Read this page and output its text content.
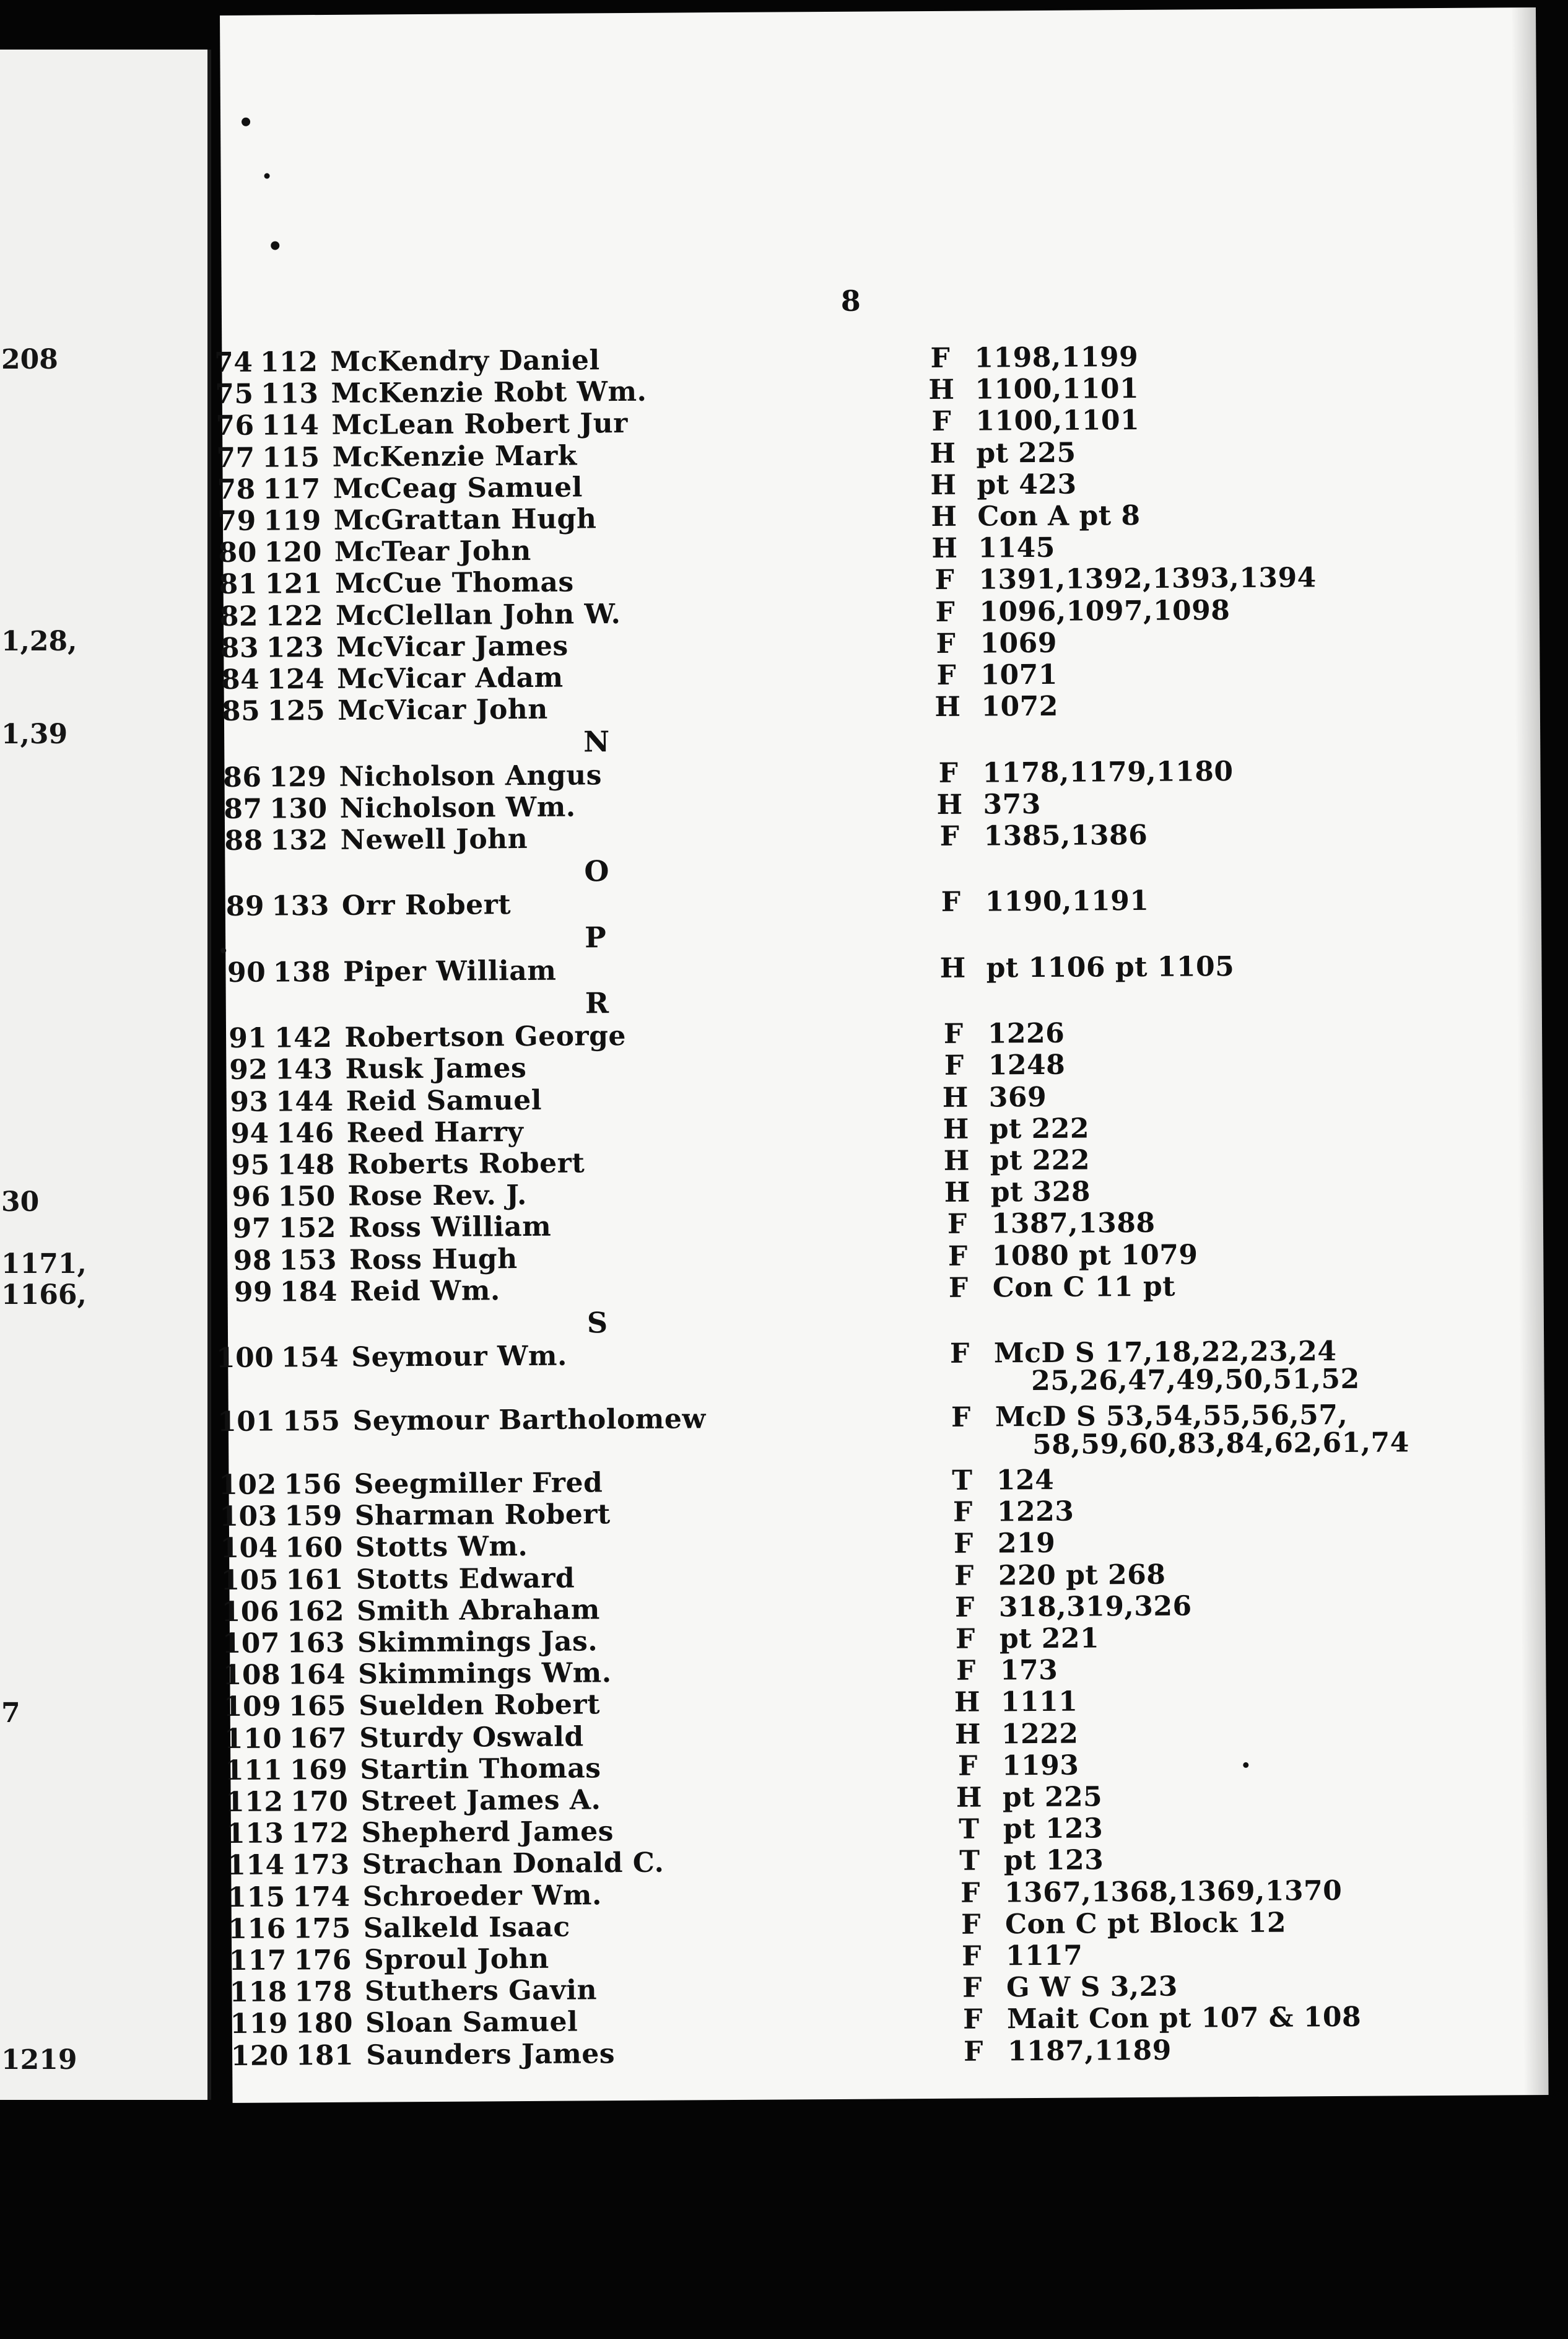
208
1,28,
1,39
30
1171,
1166,
7
1219
8
74 112 McKendry Daniel	F 1198,1199
75 113 McKenzie Robt Wm.	H 1100,1101
76 114 McLean Robert Jur	F 1100,1101
77 115 McKenzie Mark	H pt 225
78 117 McCeag Samuel	H pt 423
79 119 McGrattan Hugh	H Con A pt 8
80 120 McTear John	H 1145
81 121 McCue Thomas	F 1391,1392,1393,1394
82 122 McClellan John W.	F 1096,1097,1098
83 123 McVicar James	F 1069
84 124 McVicar Adam	F 1071
85 125 McVicar John	H 1072
N
86 129 Nicholson Angus	F 1178,1179,1180
87 130 Nicholson Wm.	H 373
88 132 Newell John	F 1385,1386
O
89 133 Orr Robert	F 1190,1191
P
90 138 Piper William	H pt 1106 pt 1105
R
91 142 Robertson George	F 1226
92 143 Rusk James	F 1248
93 144 Reid Samuel	H 369
94 146 Reed Harry	H pt 222
95 148 Roberts Robert	H pt 222
96 150 Rose Rev. J.	H pt 328
97 152 Ross William	F 1387,1388
98 153 Ross Hugh	F 1080 pt 1079
99 184 Reid Wm.	F Con C 11 pt
S
100 154 Seymour Wm.	F McD S 17,18,22,23,24
25,26,47,49,50,51,52
101 155 Seymour Bartholomew	F McD S 53,54,55,56,57,
58,59,60,83,84,62,61,74
102 156 Seegmiller Fred	T 124
103 159 Sharman Robert	F 1223
104 160 Stotts Wm.	F 219
105 161 Stotts Edward	F 220 pt 268
106 162 Smith Abraham	F 318,319,326
107 163 Skimmings Jas.	F pt 221
108 164 Skimmings Wm.	F 173
109 165 Suelden Robert	H 1111
110 167 Sturdy Oswald	H 1222
111 169 Startin Thomas	F 1193
112 170 Street James A.	H pt 225
113 172 Shepherd James	T pt 123
114 173 Strachan Donald C.	T pt 123
115 174 Schroeder Wm.	F 1367,1368,1369,1370
116 175 Salkeld Isaac	F Con C pt Block 12
117 176 Sproul John	F 1117
118 178 Stuthers Gavin	F G W S 3,23
119 180 Sloan Samuel	F Mait Con pt 107 & 108
120 181 Saunders James	F 1187,1189
